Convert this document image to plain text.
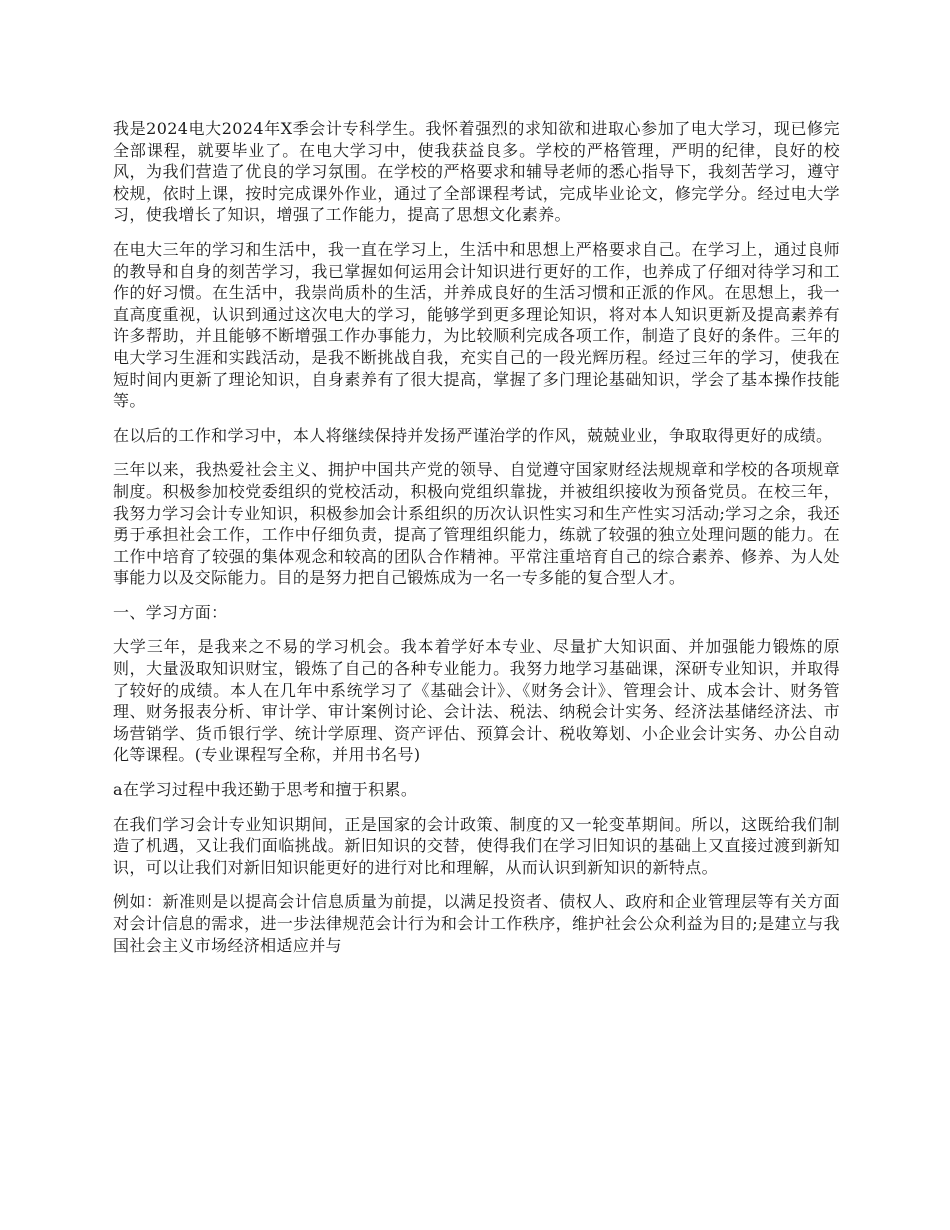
我是2024电大2024年X季会计专科学生。我怀着强烈的求知欲和进取心参加了电大学习，现已修完全部课程，就要毕业了。在电大学习中，使我获益良多。学校的严格管理，严明的纪律，良好的校风，为我们营造了优良的学习氛围。在学校的严格要求和辅导老师的悉心指导下，我刻苦学习，遵守校规，依时上课，按时完成课外作业，通过了全部课程考试，完成毕业论文，修完学分。经过电大学习，使我增长了知识，增强了工作能力，提高了思想文化素养。

在电大三年的学习和生活中，我一直在学习上，生活中和思想上严格要求自己。在学习上，通过良师的教导和自身的刻苦学习，我已掌握如何运用会计知识进行更好的工作，也养成了仔细对待学习和工作的好习惯。在生活中，我崇尚质朴的生活，并养成良好的生活习惯和正派的作风。在思想上，我一直高度重视，认识到通过这次电大的学习，能够学到更多理论知识，将对本人知识更新及提高素养有许多帮助，并且能够不断增强工作办事能力，为比较顺利完成各项工作，制造了良好的条件。三年的电大学习生涯和实践活动，是我不断挑战自我，充实自己的一段光辉历程。经过三年的学习，使我在短时间内更新了理论知识，自身素养有了很大提高，掌握了多门理论基础知识，学会了基本操作技能等。

在以后的工作和学习中，本人将继续保持并发扬严谨治学的作风，兢兢业业，争取取得更好的成绩。

三年以来，我热爱社会主义、拥护中国共产党的领导、自觉遵守国家财经法规规章和学校的各项规章制度。积极参加校党委组织的党校活动，积极向党组织靠拢，并被组织接收为预备党员。在校三年，我努力学习会计专业知识，积极参加会计系组织的历次认识性实习和生产性实习活动;学习之余，我还勇于承担社会工作，工作中仔细负责，提高了管理组织能力，练就了较强的独立处理问题的能力。在工作中培育了较强的集体观念和较高的团队合作精神。平常注重培育自己的综合素养、修养、为人处事能力以及交际能力。目的是努力把自己锻炼成为一名一专多能的复合型人才。

一、学习方面：

大学三年，是我来之不易的学习机会。我本着学好本专业、尽量扩大知识面、并加强能力锻炼的原则，大量汲取知识财宝，锻炼了自己的各种专业能力。我努力地学习基础课，深研专业知识，并取得了较好的成绩。本人在几年中系统学习了《基础会计》、《财务会计》、管理会计、成本会计、财务管理、财务报表分析、审计学、审计案例讨论、会计法、税法、纳税会计实务、经济法基储经济法、市场营销学、货币银行学、统计学原理、资产评估、预算会计、税收筹划、小企业会计实务、办公自动化等课程。(专业课程写全称，并用书名号)

a在学习过程中我还勤于思考和擅于积累。

在我们学习会计专业知识期间，正是国家的会计政策、制度的又一轮变革期间。所以，这既给我们制造了机遇，又让我们面临挑战。新旧知识的交替，使得我们在学习旧知识的基础上又直接过渡到新知识，可以让我们对新旧知识能更好的进行对比和理解，从而认识到新知识的新特点。

例如：新准则是以提高会计信息质量为前提，以满足投资者、债权人、政府和企业管理层等有关方面对会计信息的需求，进一步法律规范会计行为和会计工作秩序，维护社会公众利益为目的;是建立与我国社会主义市场经济相适应并与
